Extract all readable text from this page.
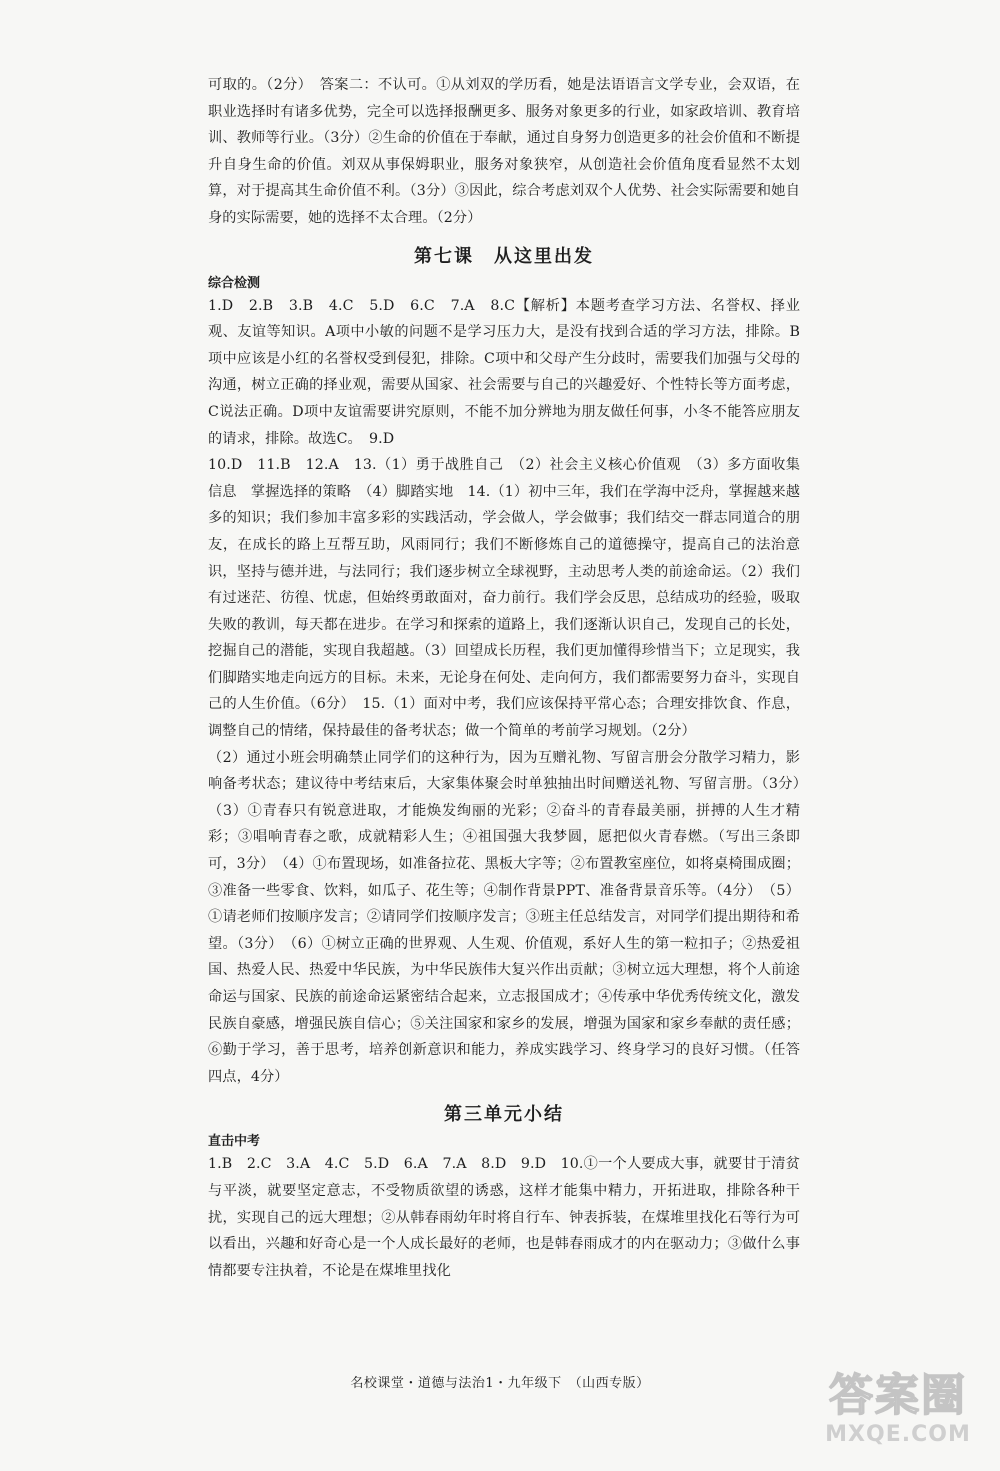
可取的。（2分）　答案二：不认可。①从刘双的学历看，她是法语语言文学专业，会双语，在职业选择时有诸多优势，完全可以选择报酬更多、服务对象更多的行业，如家政培训、教育培训、教师等行业。（3分）②生命的价值在于奉献，通过自身努力创造更多的社会价值和不断提升自身生命的价值。刘双从事保姆职业，服务对象狭窄，从创造社会价值角度看显然不太划算，对于提高其生命价值不利。（3分）③因此，综合考虑刘双个人优势、社会实际需要和她自身的实际需要，她的选择不太合理。（2分）

第七课　从这里出发
综合检测

1.D　2.B　3.B　4.C　5.D　6.C　7.A　8.C【解析】本题考查学习方法、名誉权、择业观、友谊等知识。A项中小敏的问题不是学习压力大，是没有找到合适的学习方法，排除。B项中应该是小红的名誉权受到侵犯，排除。C项中和父母产生分歧时，需要我们加强与父母的沟通，树立正确的择业观，需要从国家、社会需要与自己的兴趣爱好、个性特长等方面考虑，C说法正确。D项中友谊需要讲究原则，不能不加分辨地为朋友做任何事，小冬不能答应朋友的请求，排除。故选C。　9.D

10.D　11.B　12.A　13.（1）勇于战胜自己　（2）社会主义核心价值观　（3）多方面收集信息　掌握选择的策略　（4）脚踏实地　14.（1）初中三年，我们在学海中泛舟，掌握越来越多的知识；我们参加丰富多彩的实践活动，学会做人，学会做事；我们结交一群志同道合的朋友，在成长的路上互帮互助，风雨同行；我们不断修炼自己的道德操守，提高自己的法治意识，坚持与德并进，与法同行；我们逐步树立全球视野，主动思考人类的前途命运。（2）我们有过迷茫、彷徨、忧虑，但始终勇敢面对，奋力前行。我们学会反思，总结成功的经验，吸取失败的教训，每天都在进步。在学习和探索的道路上，我们逐渐认识自己，发现自己的长处，挖掘自己的潜能，实现自我超越。（3）回望成长历程，我们更加懂得珍惜当下；立足现实，我们脚踏实地走向远方的目标。未来，无论身在何处、走向何方，我们都需要努力奋斗，实现自己的人生价值。（6分）　15.（1）面对中考，我们应该保持平常心态；合理安排饮食、作息，调整自己的情绪，保持最佳的备考状态；做一个简单的考前学习规划。（2分）

（2）通过小班会明确禁止同学们的这种行为，因为互赠礼物、写留言册会分散学习精力，影响备考状态；建议待中考结束后，大家集体聚会时单独抽出时间赠送礼物、写留言册。（3分）　（3）①青春只有锐意进取，才能焕发绚丽的光彩；②奋斗的青春最美丽，拼搏的人生才精彩；③唱响青春之歌，成就精彩人生；④祖国强大我梦圆，愿把似火青春燃。（写出三条即可，3分）　（4）①布置现场，如准备拉花、黑板大字等；②布置教室座位，如将桌椅围成圈；③准备一些零食、饮料，如瓜子、花生等；④制作背景PPT、准备背景音乐等。（4分）　（5）①请老师们按顺序发言；②请同学们按顺序发言；③班主任总结发言，对同学们提出期待和希望。（3分）　（6）①树立正确的世界观、人生观、价值观，系好人生的第一粒扣子；②热爱祖国、热爱人民、热爱中华民族，为中华民族伟大复兴作出贡献；③树立远大理想，将个人前途命运与国家、民族的前途命运紧密结合起来，立志报国成才；④传承中华优秀传统文化，激发民族自豪感，增强民族自信心；⑤关注国家和家乡的发展，增强为国家和家乡奉献的责任感；⑥勤于学习，善于思考，培养创新意识和能力，养成实践学习、终身学习的良好习惯。（任答四点，4分）

第三单元小结
直击中考

1.B　2.C　3.A　4.C　5.D　6.A　7.A　8.D　9.D　10.①一个人要成大事，就要甘于清贫与平淡，就要坚定意志，不受物质欲望的诱惑，这样才能集中精力，开拓进取，排除各种干扰，实现自己的远大理想；②从韩春雨幼年时将自行车、钟表拆装，在煤堆里找化石等行为可以看出，兴趣和好奇心是一个人成长最好的老师，也是韩春雨成才的内在驱动力；③做什么事情都要专注执着，不论是在煤堆里找化

名校课堂・道德与法治1・九年级下　（山西专版）	答案圈
MXQE.COM
